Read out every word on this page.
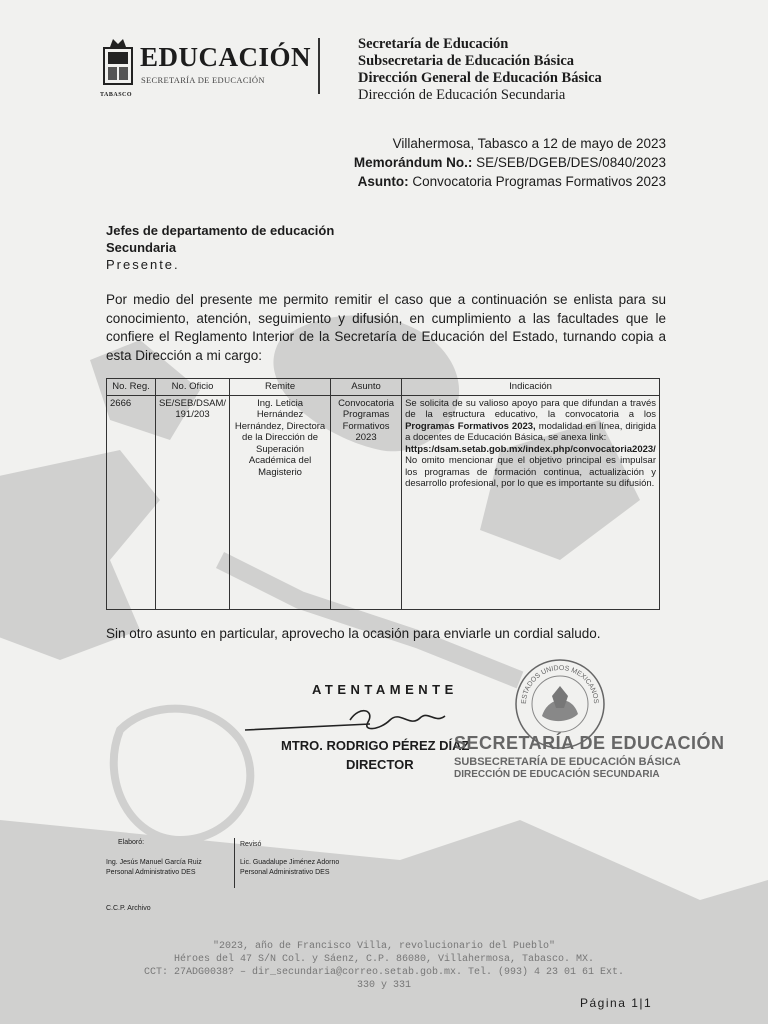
TABASCO
EDUCACIÓN
SECRETARÍA DE EDUCACIÓN
Secretaría de Educación
Subsecretaria de Educación Básica
Dirección General de Educación Básica
Dirección de Educación Secundaria
Villahermosa, Tabasco a 12 de mayo de 2023
Memorándum No.: SE/SEB/DGEB/DES/0840/2023
Asunto: Convocatoria Programas Formativos 2023
Jefes de departamento de educación
Secundaria
Presente.
Por medio del presente me permito remitir el caso que a continuación se enlista para su conocimiento, atención, seguimiento y difusión, en cumplimiento a las facultades que le confiere el Reglamento Interior de la Secretaría de Educación del Estado, turnando copia a esta Dirección a mi cargo:
No. Reg.	No. Oficio	Remite	Asunto	Indicación
2666	SE/SEB/DSAM/ 191/203	Ing. Leticia Hernández Hernández, Directora de la Dirección de Superación Académica del Magisterio	Convocatoria Programas Formativos 2023	Se solicita de su valioso apoyo para que difundan a través de la estructura educativo, la convocatoria a los Programas Formativos 2023, modalidad en línea, dirigida a docentes de Educación Básica, se anexa link:
https:/dsam.setab.gob.mx/index.php/convocatoria2023/
No omito mencionar que el objetivo principal es impulsar los programas de formación continua, actualización y desarrollo profesional, por lo que es importante su difusión.
Sin otro asunto en particular, aprovecho la ocasión para enviarle un cordial saludo.
ESTADOS UNIDOS MEXICANOS
ATENTAMENTE
MTRO. RODRIGO PÉREZ DÍAZ
DIRECTOR
SECRETARÍA DE EDUCACIÓN
SUBSECRETARÍA DE EDUCACIÓN BÁSICA
DIRECCIÓN DE EDUCACIÓN SECUNDARIA
Elaboró:
Ing. Jesús Manuel García Ruiz
Personal Administrativo DES
Revisó
Lic. Guadalupe Jiménez Adorno
Personal Administrativo DES
C.C.P. Archivo
"2023, año de Francisco Villa, revolucionario del Pueblo"
Héroes del 47 S/N Col. y Sáenz, C.P. 86080, Villahermosa, Tabasco. MX.
CCT: 27ADG0038? – dir_secundaria@correo.setab.gob.mx. Tel. (993) 4 23 01 61 Ext.
330 y 331
Página 1|1
